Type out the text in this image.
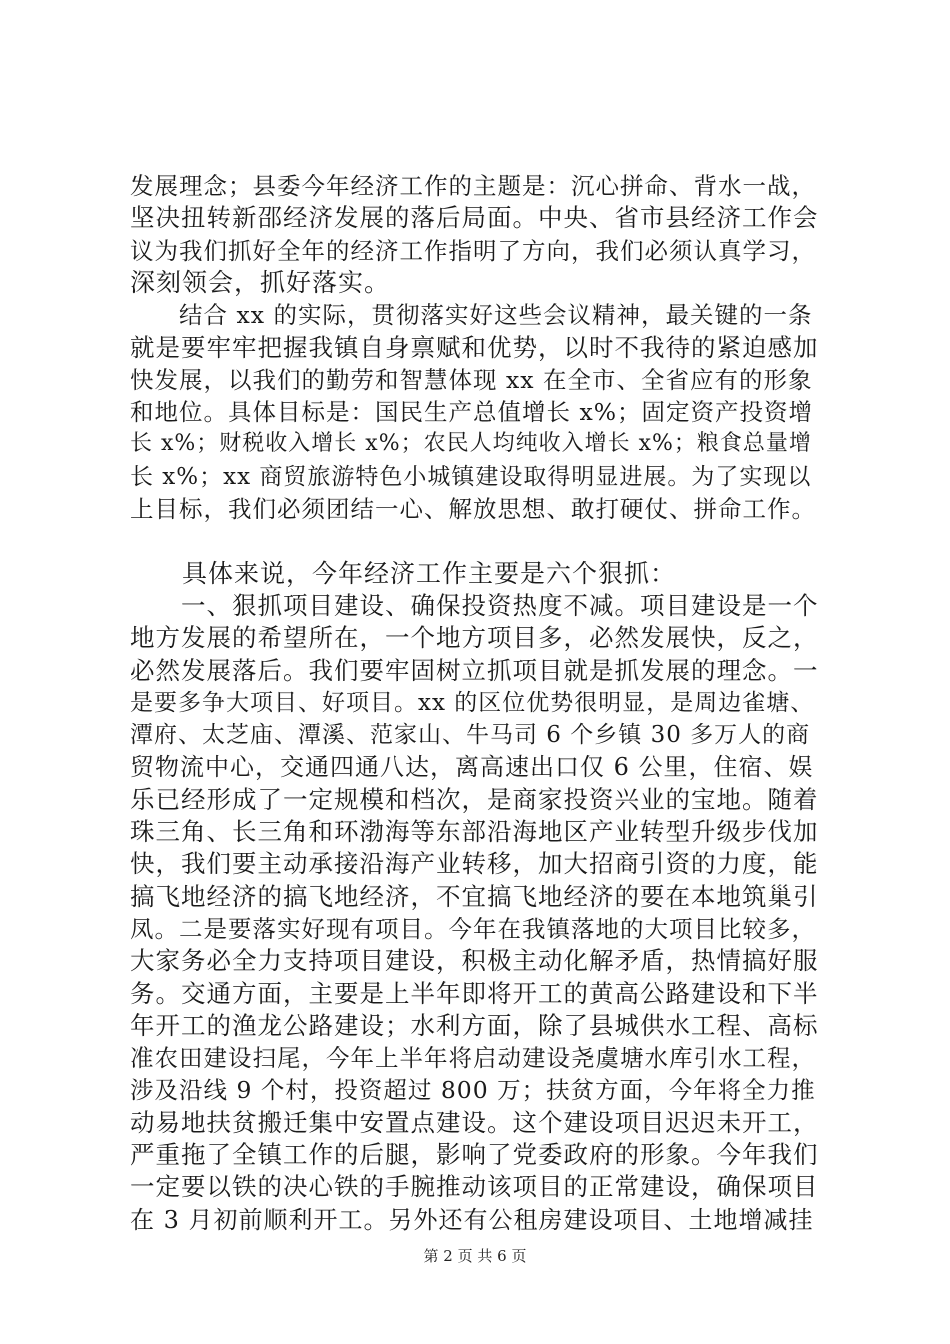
发展理念；县委今年经济工作的主题是：沉心拼命、背水一战，
坚决扭转新邵经济发展的落后局面。中央、省市县经济工作会
议为我们抓好全年的经济工作指明了方向，我们必须认真学习，
深刻领会，抓好落实。
　　结合 xx 的实际，贯彻落实好这些会议精神，最关键的一条
就是要牢牢把握我镇自身禀赋和优势，以时不我待的紧迫感加
快发展，以我们的勤劳和智慧体现 xx 在全市、全省应有的形象
和地位。具体目标是：国民生产总值增长 x%；固定资产投资增
长 x%；财税收入增长 x%；农民人均纯收入增长 x%；粮食总量增
长 x%；xx 商贸旅游特色小城镇建设取得明显进展。为了实现以
上目标，我们必须团结一心、解放思想、敢打硬仗、拼命工作。
　　具体来说，今年经济工作主要是六个狠抓：
　　一、狠抓项目建设、确保投资热度不减。项目建设是一个
地方发展的希望所在，一个地方项目多，必然发展快，反之，
必然发展落后。我们要牢固树立抓项目就是抓发展的理念。一
是要多争大项目、好项目。xx 的区位优势很明显，是周边雀塘、
潭府、太芝庙、潭溪、范家山、牛马司 6 个乡镇 30 多万人的商
贸物流中心，交通四通八达，离高速出口仅 6 公里，住宿、娱
乐已经形成了一定规模和档次，是商家投资兴业的宝地。随着
珠三角、长三角和环渤海等东部沿海地区产业转型升级步伐加
快，我们要主动承接沿海产业转移，加大招商引资的力度，能
搞飞地经济的搞飞地经济，不宜搞飞地经济的要在本地筑巢引
凤。二是要落实好现有项目。今年在我镇落地的大项目比较多，
大家务必全力支持项目建设，积极主动化解矛盾，热情搞好服
务。交通方面，主要是上半年即将开工的黄高公路建设和下半
年开工的渔龙公路建设；水利方面，除了县城供水工程、高标
准农田建设扫尾，今年上半年将启动建设尧虞塘水库引水工程，
涉及沿线 9 个村，投资超过 800 万；扶贫方面，今年将全力推
动易地扶贫搬迁集中安置点建设。这个建设项目迟迟未开工，
严重拖了全镇工作的后腿，影响了党委政府的形象。今年我们
一定要以铁的决心铁的手腕推动该项目的正常建设，确保项目
在 3 月初前顺利开工。另外还有公租房建设项目、土地增减挂
第 2 页 共 6 页
